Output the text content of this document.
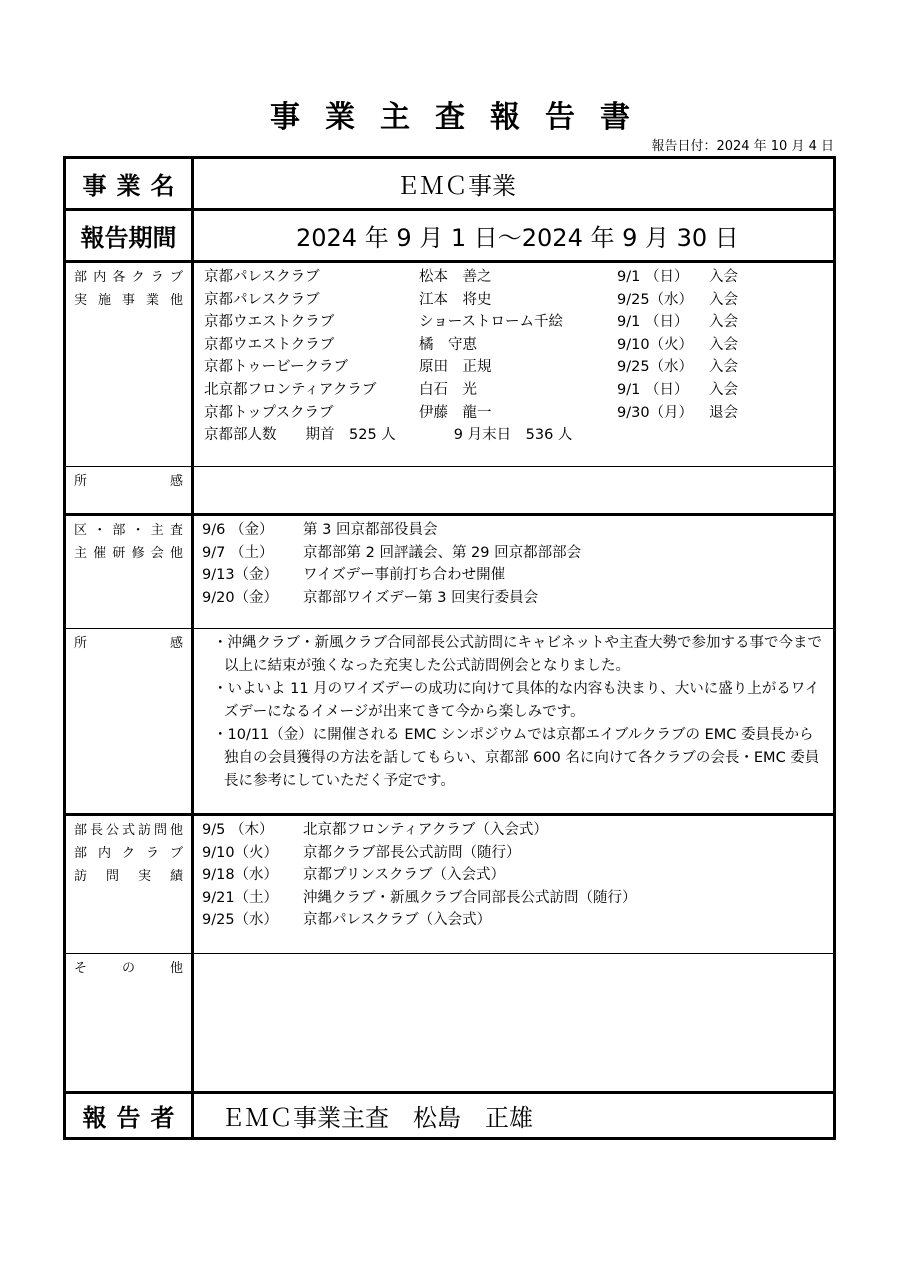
事業主査報告書
報告日付：2024 年 10 月 4 日
事業名	ＥＭＣ事業
報告期間	2024 年 9 月 1 日～2024 年 9 月 30 日
部内各クラブ
実施事業他
京都パレスクラブ	松本　善之	9/1 （日）	入会
京都パレスクラブ	江本　将史	9/25（水）	入会
京都ウエストクラブ	ショーストローム千絵	9/1 （日）	入会
京都ウエストクラブ	橘　守恵	9/10（火）	入会
京都トゥービークラブ	原田　正規	9/25（水）	入会
北京都フロンティアクラブ	白石　光	9/1 （日）	入会
京都トップスクラブ	伊藤　龍一	9/30（月）	退会
京都部人数　　期首　525 人　　　　9 月末日　536 人
所　　感
区・部・主査
主催研修会他
9/6 （金）	第 3 回京都部役員会
9/7 （土）	京都部第 2 回評議会、第 29 回京都部部会
9/13（金）	ワイズデー事前打ち合わせ開催
9/20（金）	京都部ワイズデー第 3 回実行委員会
所　　感	・沖縄クラブ・新風クラブ合同部長公式訪問にキャビネットや主査大勢で参加する事で今まで以上に結束が強くなった充実した公式訪問例会となりました。
・いよいよ 11 月のワイズデーの成功に向けて具体的な内容も決まり、大いに盛り上がるワイズデーになるイメージが出来てきて今から楽しみです。
・10/11（金）に開催される EMC シンポジウムでは京都エイブルクラブの EMC 委員長から独自の会員獲得の方法を話してもらい、京都部 600 名に向けて各クラブの会長・EMC 委員長に参考にしていただく予定です。
部長公式訪問他
部内クラブ
訪問実績
9/5 （木）	北京都フロンティアクラブ（入会式）
9/10（火）	京都クラブ部長公式訪問（随行）
9/18（水）	京都プリンスクラブ（入会式）
9/21（土）	沖縄クラブ・新風クラブ合同部長公式訪問（随行）
9/25（水）	京都パレスクラブ（入会式）
そ　の　他
報告者	ＥＭＣ事業主査　松島　正雄
